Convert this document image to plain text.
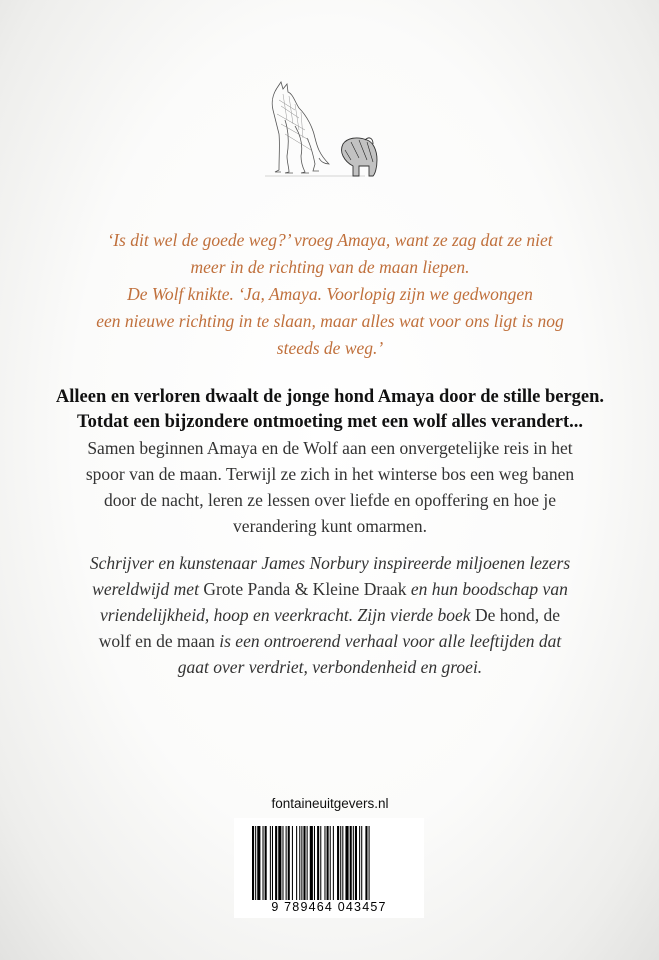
‘Is dit wel de goede weg?’ vroeg Amaya, want ze zag dat ze niet
meer in de richting van de maan liepen.
De Wolf knikte. ‘Ja, Amaya. Voorlopig zijn we gedwongen
een nieuwe richting in te slaan, maar alles wat voor ons ligt is nog
steeds de weg.’
Alleen en verloren dwaalt de jonge hond Amaya door de stille bergen.
Totdat een bijzondere ontmoeting met een wolf alles verandert...
Samen beginnen Amaya en de Wolf aan een onvergetelijke reis in het
spoor van de maan. Terwijl ze zich in het winterse bos een weg banen
door de nacht, leren ze lessen over liefde en opoffering en hoe je
verandering kunt omarmen.
Schrijver en kunstenaar James Norbury inspireerde miljoenen lezers
wereldwijd met Grote Panda & Kleine Draak en hun boodschap van
vriendelijkheid, hoop en veerkracht. Zijn vierde boek De hond, de
wolf en de maan is een ontroerend verhaal voor alle leeftijden dat
gaat over verdriet, verbondenheid en groei.
fontaineuitgevers.nl
9 789464 043457
